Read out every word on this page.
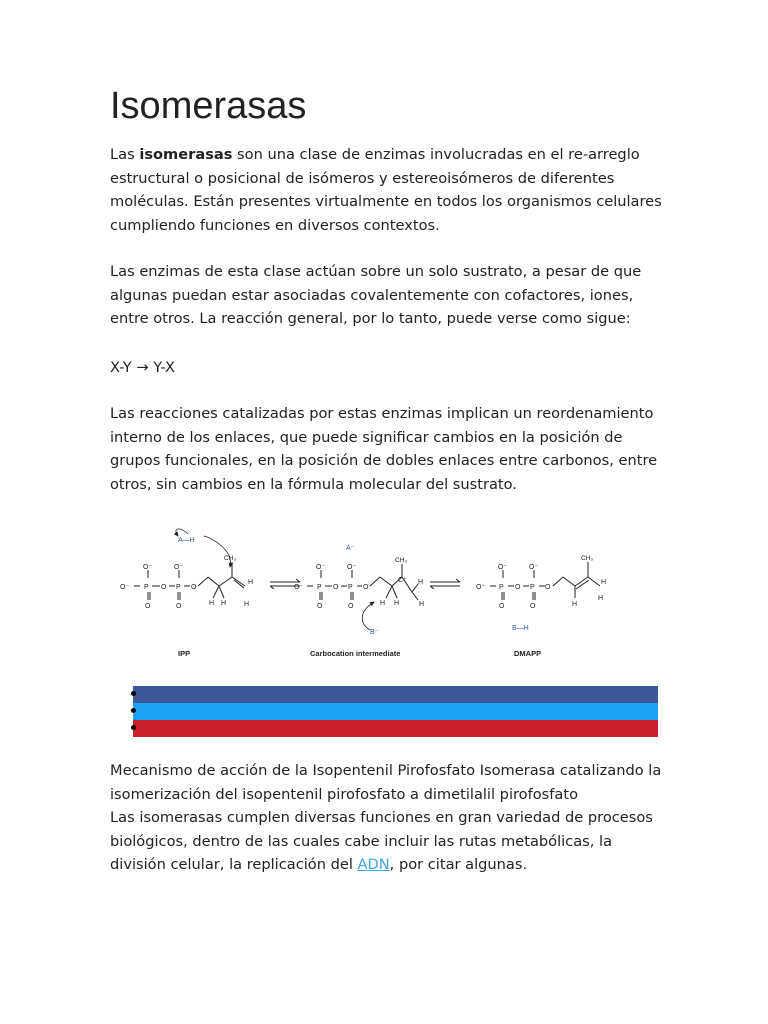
Isomerasas

Las isomerasas son una clase de enzimas involucradas en el re-arreglo estructural o posicional de isómeros y estereoisómeros de diferentes moléculas. Están presentes virtualmente en todos los organismos celulares cumpliendo funciones en diversos contextos.

Las enzimas de esta clase actúan sobre un solo sustrato, a pesar de que algunas puedan estar asociadas covalentemente con cofactores, iones, entre otros. La reacción general, por lo tanto, puede verse como sigue:

X-Y → Y-X

Las reacciones catalizadas por estas enzimas implican un reordenamiento interno de los enlaces, que puede significar cambios en la posición de grupos funcionales, en la posición de dobles enlaces entre carbonos, entre otros, sin cambios en la fórmula molecular del sustrato.

A—H
CH₃
O⁻
O⁻
P
O
O
O⁻
P
O
O
H H
H
H
A⁻
CH₃
C⁺
O⁻
O⁻
P
O
O
O⁻
P
O
O
H H
H
H
B⁻
CH₃
O⁻
O⁻
P
O
O
O⁻
P
O
O
H
H
H
B—H
IPP	Carbocation intermediate	DMAPP

Mecanismo de acción de la Isopentenil Pirofosfato Isomerasa catalizando la isomerización del isopentenil pirofosfato a dimetilalil pirofosfato
Las isomerasas cumplen diversas funciones en gran variedad de procesos biológicos, dentro de las cuales cabe incluir las rutas metabólicas, la división celular, la replicación del ADN, por citar algunas.
